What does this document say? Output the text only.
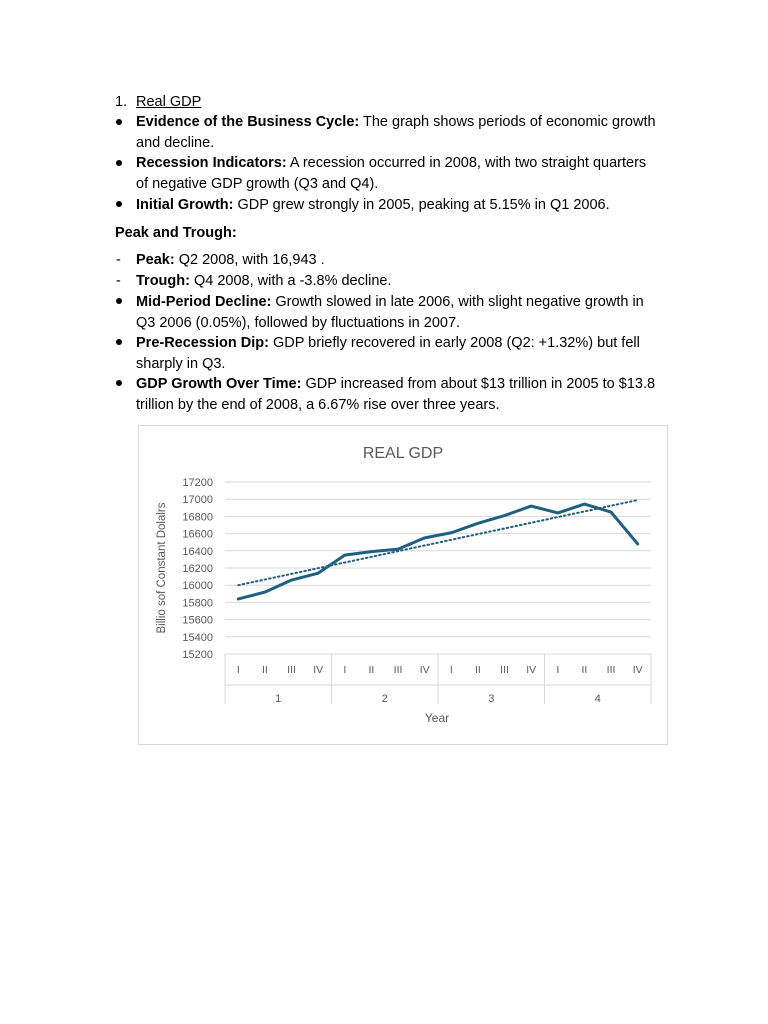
1. Real GDP
Evidence of the Business Cycle: The graph shows periods of economic growth
and decline.
Recession Indicators: A recession occurred in 2008, with two straight quarters
of negative GDP growth (Q3 and Q4).
Initial Growth: GDP grew strongly in 2005, peaking at 5.15% in Q1 2006.
Peak and Trough:
- Peak: Q2 2008, with 16,943 .
- Trough: Q4 2008, with a -3.8% decline.
Mid-Period Decline: Growth slowed in late 2006, with slight negative growth in
Q3 2006 (0.05%), followed by fluctuations in 2007.
Pre-Recession Dip: GDP briefly recovered in early 2008 (Q2: +1.32%) but fell
sharply in Q3.
GDP Growth Over Time: GDP increased from about $13 trillion in 2005 to $13.8
trillion by the end of 2008, a 6.67% rise over three years.
REAL GDP
15200
15400
15600
15800
16000
16200
16400
16600
16800
17000
17200
I II III IV I II III IV I II III IV I II III IV
1	2	3	4
Billio sof Constant Dolalrs
Year
